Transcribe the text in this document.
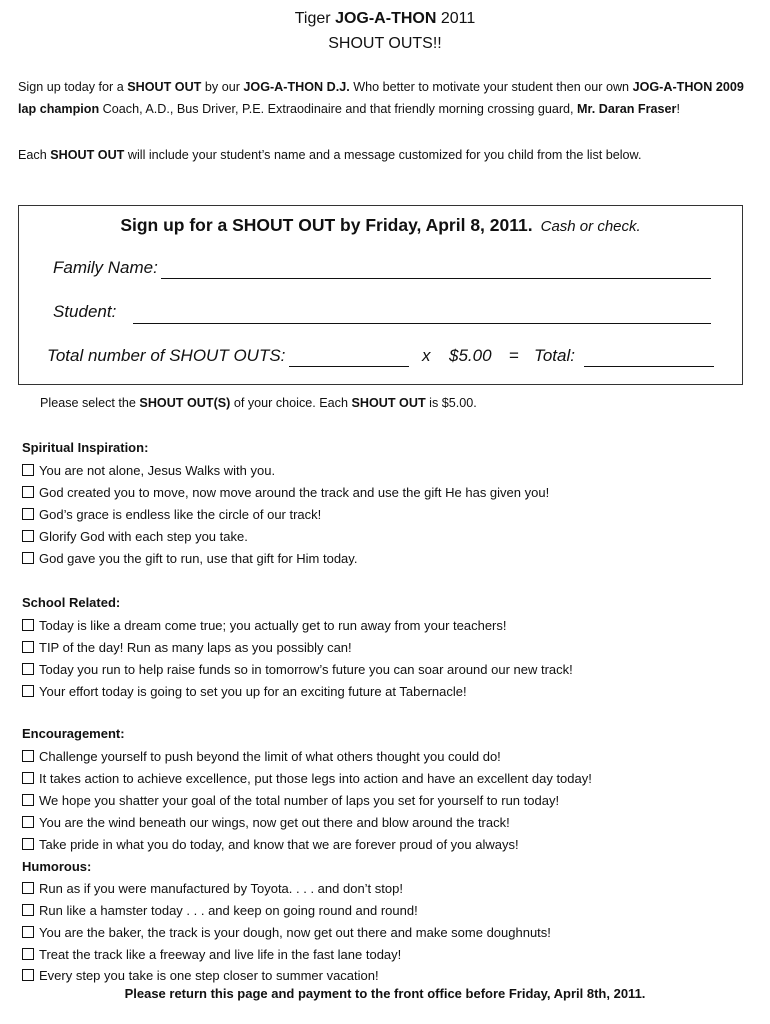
Tiger JOG-A-THON 2011
SHOUT OUTS!!
Sign up today for a SHOUT OUT by our JOG-A-THON D.J. Who better to motivate your student then our own JOG-A-THON 2009 lap champion Coach, A.D., Bus Driver, P.E. Extraodinaire and that friendly morning crossing guard, Mr. Daran Fraser!
Each SHOUT OUT will include your student’s name and a message customized for you child from the list below.
Sign up for a SHOUT OUT by Friday, April 8, 2011. Cash or check.
Family Name:
Student:
Total number of SHOUT OUTS:	x $5.00 = Total:
Please select the SHOUT OUT(S) of your choice. Each SHOUT OUT is $5.00.
Spiritual Inspiration:
You are not alone, Jesus Walks with you.
God created you to move, now move around the track and use the gift He has given you!
God’s grace is endless like the circle of our track!
Glorify God with each step you take.
God gave you the gift to run, use that gift for Him today.
School Related:
Today is like a dream come true; you actually get to run away from your teachers!
TIP of the day! Run as many laps as you possibly can!
Today you run to help raise funds so in tomorrow’s future you can soar around our new track!
Your effort today is going to set you up for an exciting future at Tabernacle!
Encouragement:
Challenge yourself to push beyond the limit of what others thought you could do!
It takes action to achieve excellence, put those legs into action and have an excellent day today!
We hope you shatter your goal of the total number of laps you set for yourself to run today!
You are the wind beneath our wings, now get out there and blow around the track!
Take pride in what you do today, and know that we are forever proud of you always!
Humorous:
Run as if you were manufactured by Toyota. . . . and don’t stop!
Run like a hamster today . . . and keep on going round and round!
You are the baker, the track is your dough, now get out there and make some doughnuts!
Treat the track like a freeway and live life in the fast lane today!
Every step you take is one step closer to summer vacation!
Please return this page and payment to the front office before Friday, April 8th, 2011.
